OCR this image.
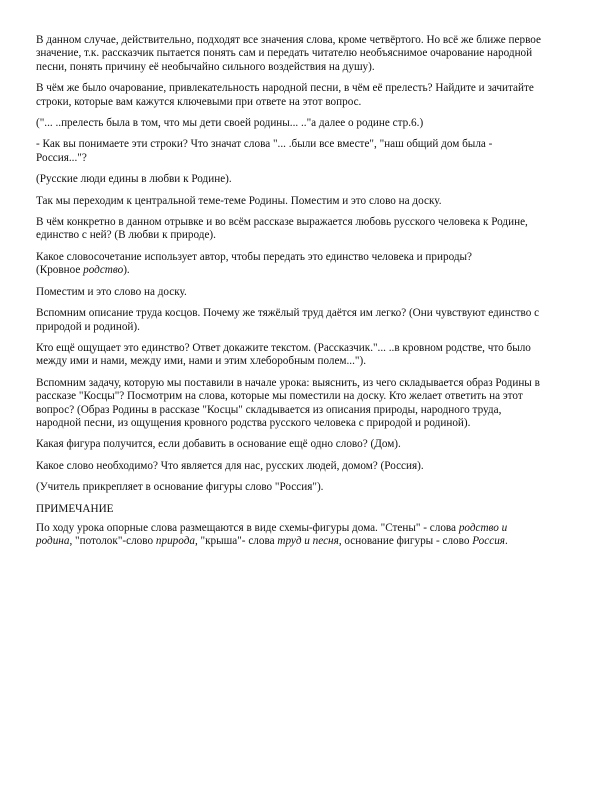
В данном случае, действительно, подходят все значения слова, кроме четвёртого. Но всё же ближе первое
значение, т.к. рассказчик пытается понять сам и передать читателю необъяснимое очарование народной
песни, понять причину её необычайно сильного воздействия на душу).
В чём же было очарование, привлекательность народной песни, в чём её прелесть? Найдите и зачитайте
строки, которые вам кажутся ключевыми при ответе на этот вопрос.
("... ..прелесть была в том, что мы дети своей родины... .."а далее о родине стр.6.)
- Как вы понимаете эти строки? Что значат слова "... .были все вместе", "наш общий дом была -
Россия..."?
(Русские люди едины в любви к Родине).
Так мы переходим к центральной теме-теме Родины. Поместим и это слово на доску.
В чём конкретно в данном отрывке и во всём рассказе выражается любовь русского человека к Родине,
единство с ней? (В любви к природе).
Какое словосочетание использует автор, чтобы передать это единство человека и природы?
(Кровное родство).
Поместим и это слово на доску.
Вспомним описание труда косцов. Почему же тяжёлый труд даётся им легко? (Они чувствуют единство с
природой и родиной).
Кто ещё ощущает это единство? Ответ докажите текстом. (Рассказчик."... ..в кровном родстве, что было
между ими и нами, между ими, нами и этим хлеборобным полем...").
Вспомним задачу, которую мы поставили в начале урока: выяснить, из чего складывается образ Родины в
рассказе "Косцы"? Посмотрим на слова, которые мы поместили на доску. Кто желает ответить на этот
вопрос? (Образ Родины в рассказе "Косцы" складывается из описания природы, народного труда,
народной песни, из ощущения кровного родства русского человека с природой и родиной).
Какая фигура получится, если добавить в основание ещё одно слово? (Дом).
Какое слово необходимо? Что является для нас, русских людей, домом? (Россия).
(Учитель прикрепляет в основание фигуры слово "Россия").
ПРИМЕЧАНИЕ
По ходу урока опорные слова размещаются в виде схемы-фигуры дома. "Стены" - слова родство и
родина, "потолок"-слово природа, "крыша"- слова труд и песня, основание фигуры - слово Россия.
